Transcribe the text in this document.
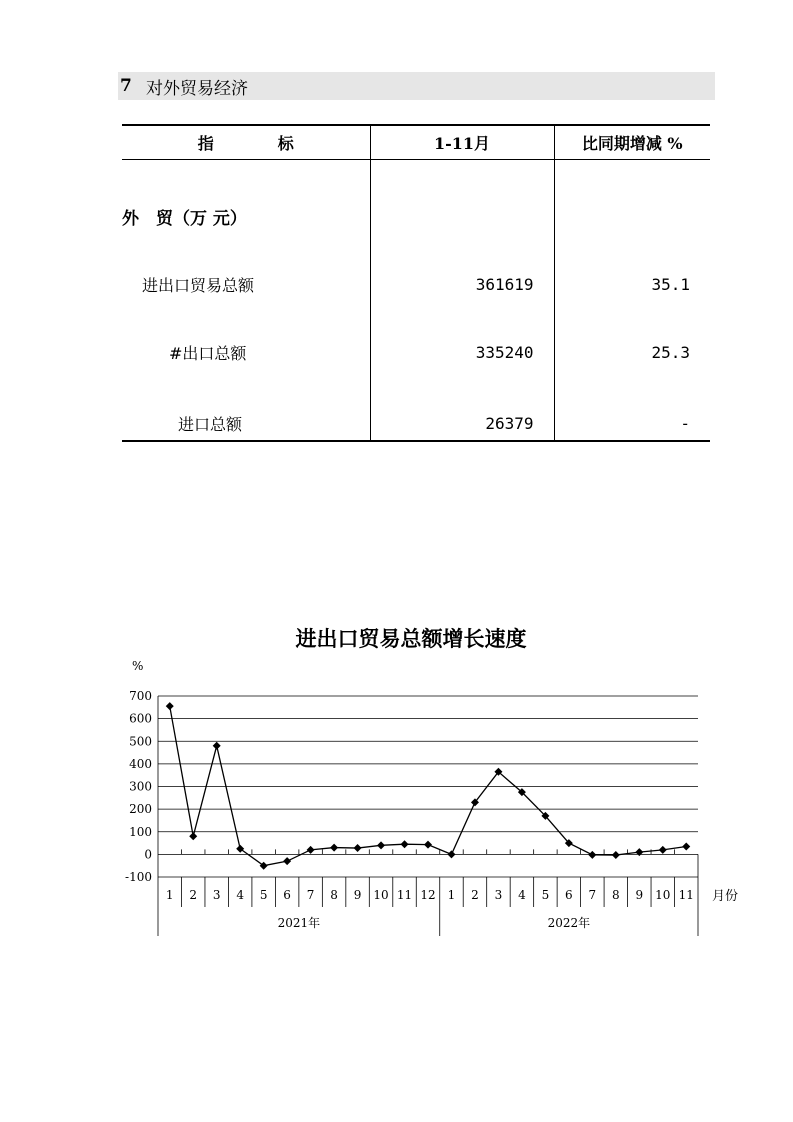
7 对外贸易经济
指 标	1-11月	比同期增减 %

外　贸（万 元）		

进出口贸易总额	361619	35.1

#出口总额	335240	25.3

进口总额	26379	-
进出口贸易总额增长速度
%
月份
-100
0
100
200
300
400
500
600
700
1 2 3 4 5 6 7 8 9 10 11 12 1 2 3 4 5 6 7 8 9 10 11
2021年	2022年
